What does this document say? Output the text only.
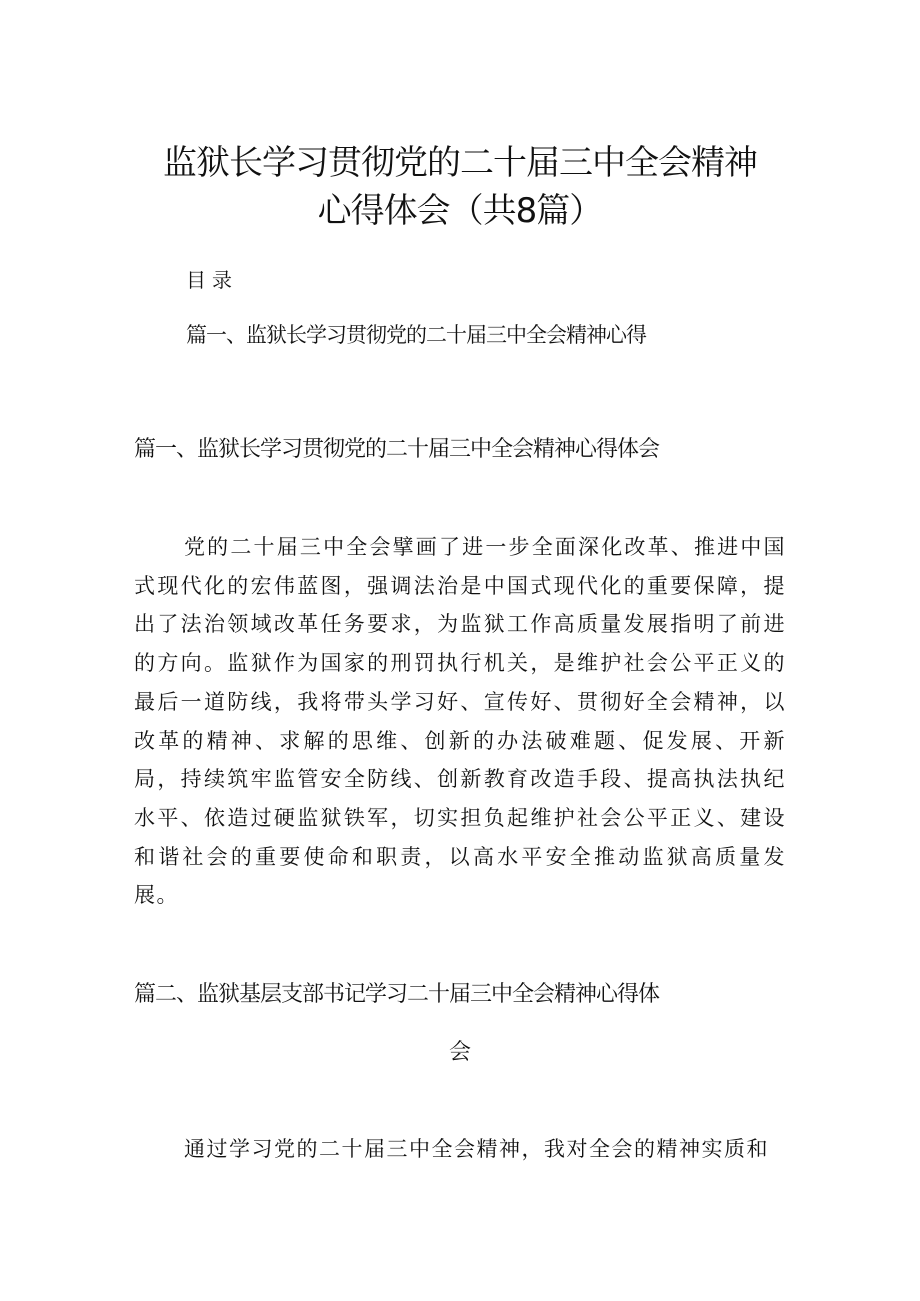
监狱长学习贯彻党的二十届三中全会精神
心得体会（共8篇）
目录
篇一、监狱长学习贯彻党的二十届三中全会精神心得
篇一、监狱长学习贯彻党的二十届三中全会精神心得体会

党的二十届三中全会擘画了进一步全面深化改革、推进中国式现代化的宏伟蓝图，强调法治是中国式现代化的重要保障，提出了法治领域改革任务要求，为监狱工作高质量发展指明了前进的方向。监狱作为国家的刑罚执行机关，是维护社会公平正义的最后一道防线，我将带头学习好、宣传好、贯彻好全会精神，以改革的精神、求解的思维、创新的办法破难题、促发展、开新局，持续筑牢监管安全防线、创新教育改造手段、提高执法执纪水平、依造过硬监狱铁军，切实担负起维护社会公平正义、建设和谐社会的重要使命和职责，以高水平安全推动监狱高质量发展。

篇二、监狱基层支部书记学习二十届三中全会精神心得体
会

通过学习党的二十届三中全会精神，我对全会的精神实质和
